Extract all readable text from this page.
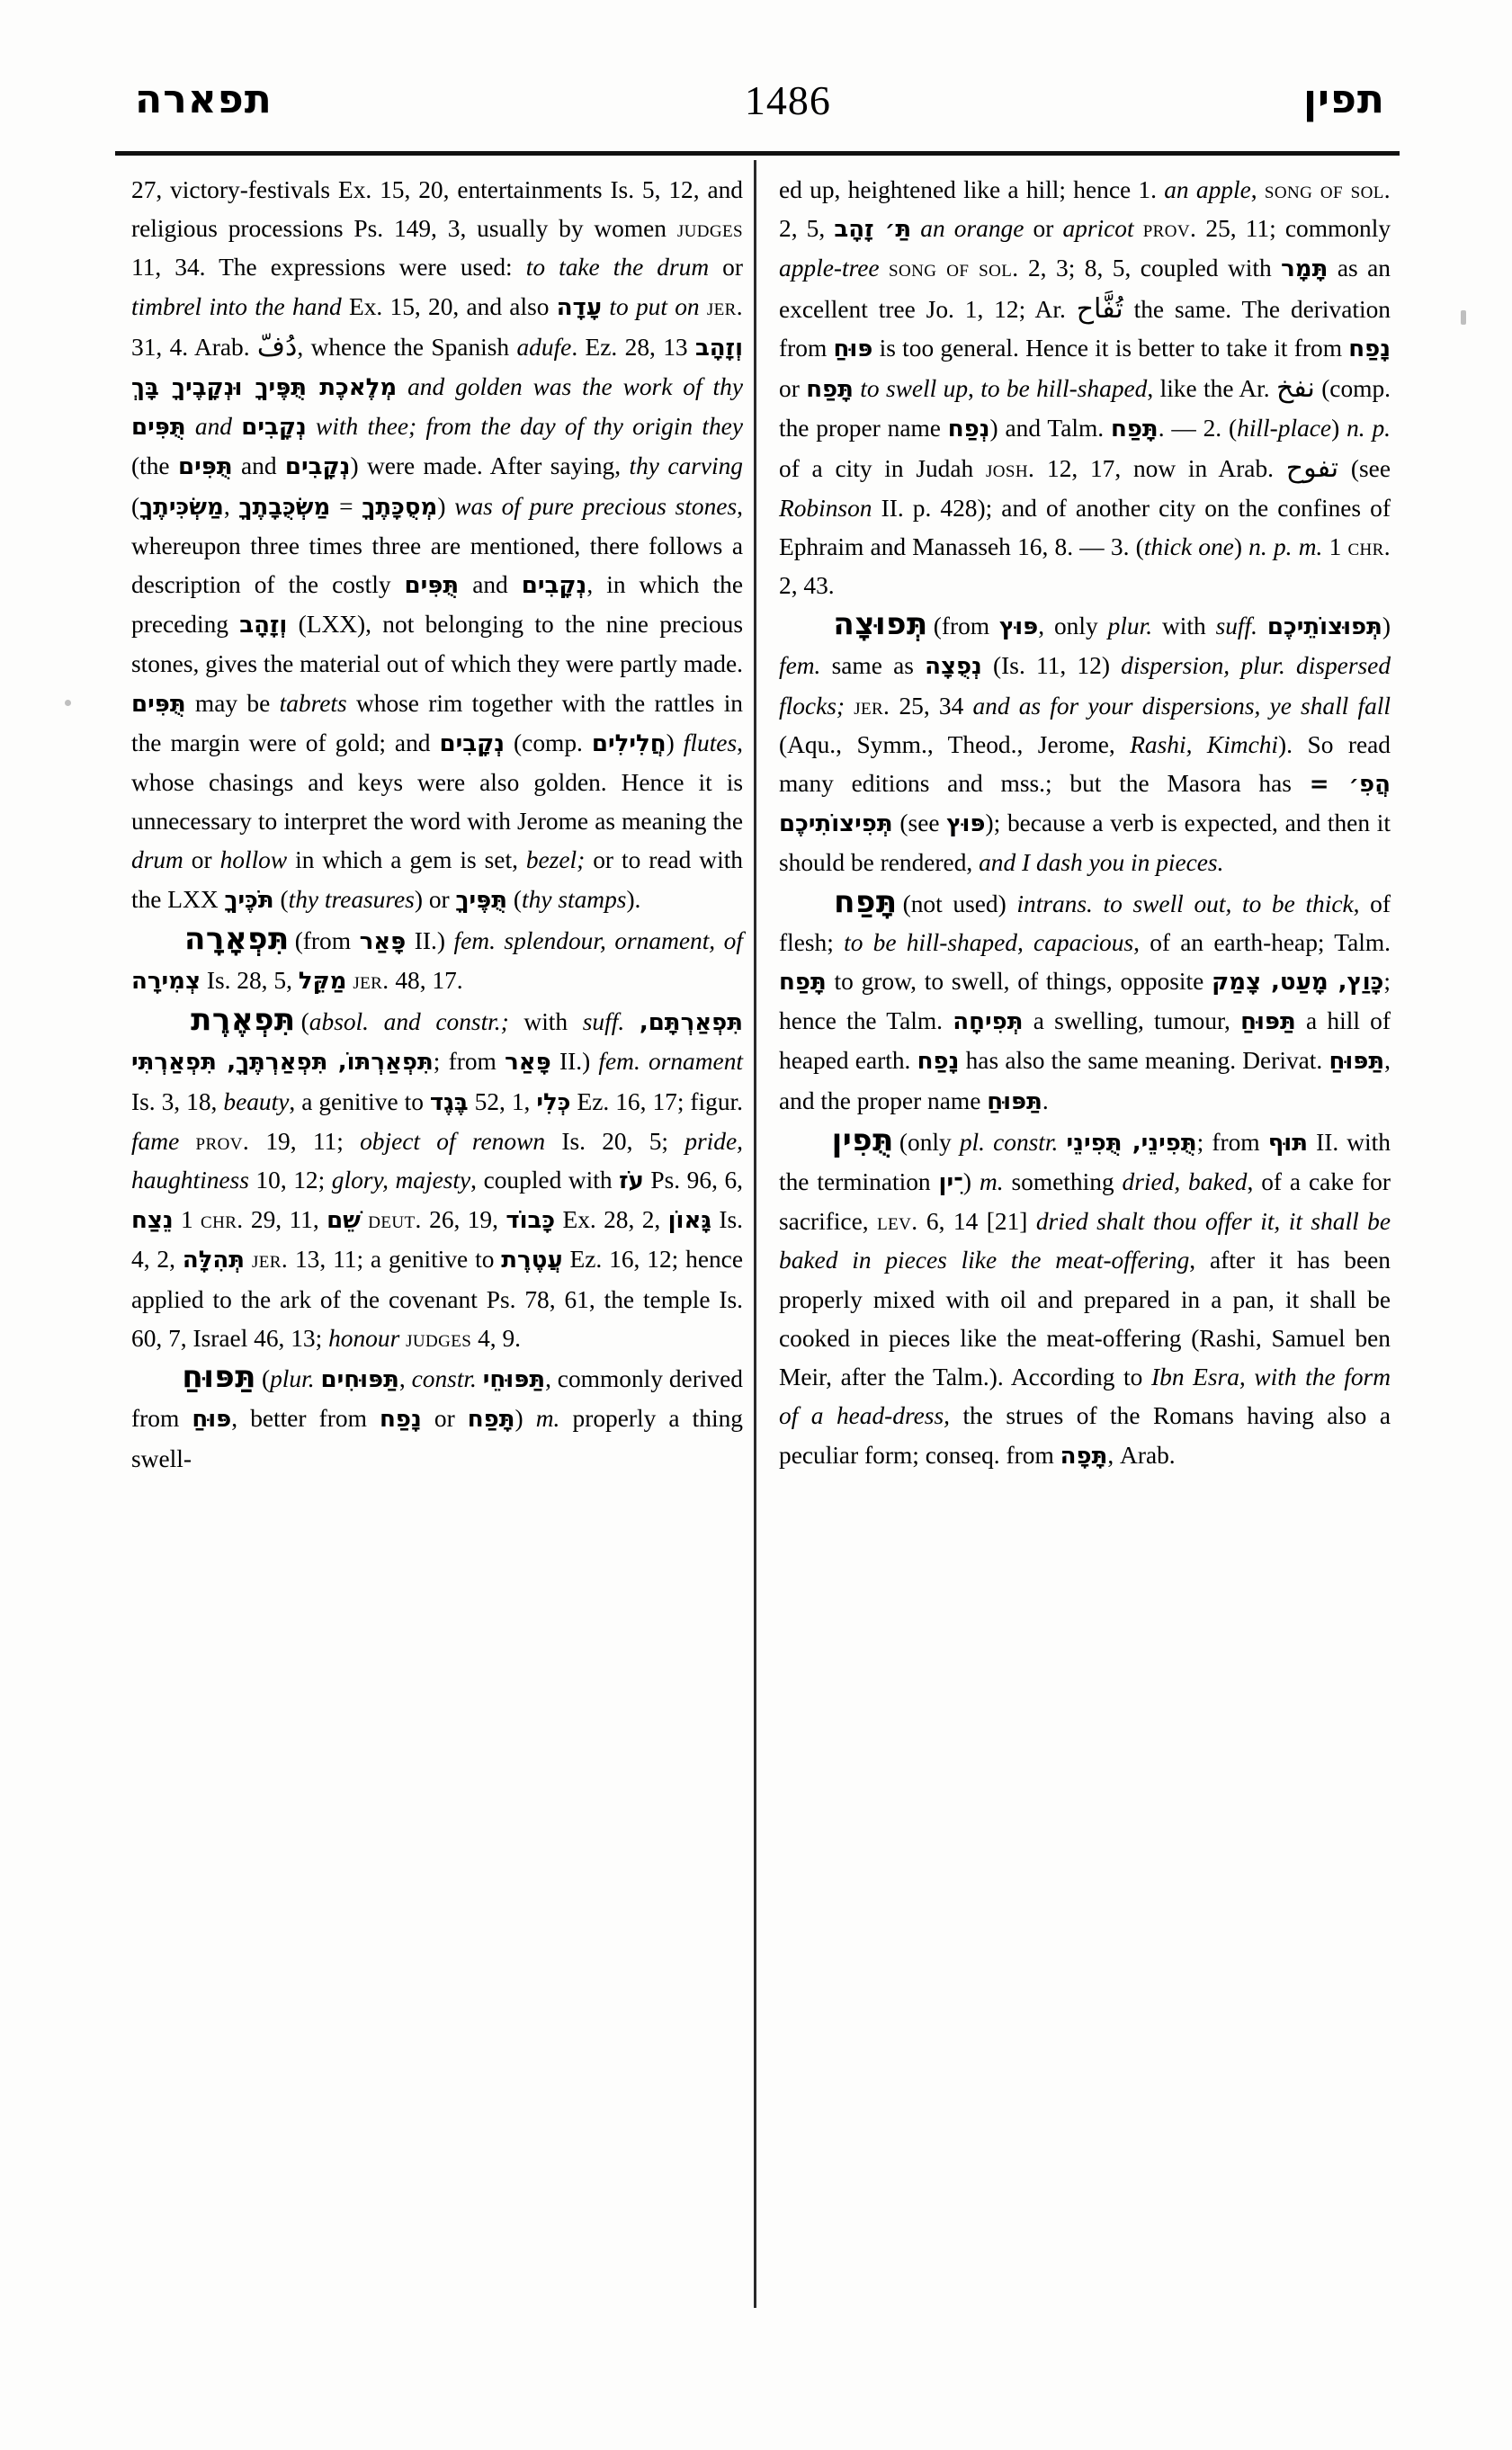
תפארה	1486	תפין

27, victory-festivals Ex. 15, 20, entertainments Is. 5, 12, and religious processions Ps. 149, 3, usually by women judges 11, 34. The expressions were used: to take the drum or timbrel into the hand Ex. 15, 20, and also עָדָה to put on jer. 31, 4. Arab. دُفّ, whence the Spanish adufe. Ez. 28, 13 וְזָהָב מְלֶאכֶת תֻּפֶּיךָ וּנְקָבֶיךָ בָּךְ and golden was the work of thy תֻּפִּים and נְקָבִים with thee; from the day of thy origin they (the תֻּפִּים and נְקָבִים) were made. After saying, thy carving (מַשְׂכִּיתֶךָ, מַשְׂכֻּבָתֶךָ = מְסֻכָּתֶךָ) was of pure precious stones, whereupon three times three are mentioned, there follows a description of the costly תֻּפִּים and נְקָבִים, in which the preceding וְזָהָב (LXX), not belonging to the nine precious stones, gives the material out of which they were partly made. תֻּפִּים may be tabrets whose rim together with the rattles in the margin were of gold; and נְקָבִים (comp. חֲלִילִים) flutes, whose chasings and keys were also golden. Hence it is unnecessary to interpret the word with Jerome as meaning the drum or hollow in which a gem is set, bezel; or to read with the LXX תֹּכֶּיךָ (thy treasures) or תֻּפֶּיךָ (thy stamps).

תִּפְאָרָה (from פָּאַר II.) fem. splendour, ornament, of צְמִירָה Is. 28, 5, מַקֵּל jer. 48, 17.

תִּפְאֶרֶת (absol. and constr.; with suff. תִּפְאַרְתָּם, תִּפְאַרְתּוֹ, תִּפְאַרְתֶּךָ, תִּפְאַרְתִּי; from פָּאַר II.) fem. ornament Is. 3, 18, beauty, a genitive to בֶּגֶד 52, 1, כְּלִי Ez. 16, 17; figur. fame prov. 19, 11; object of renown Is. 20, 5; pride, haughtiness 10, 12; glory, majesty, coupled with עֹז Ps. 96, 6, נֵצַח 1 chr. 29, 11, שֵׁם deut. 26, 19, כָּבוֹד Ex. 28, 2, גָּאוֹן Is. 4, 2, תְּהִלָּה jer. 13, 11; a genitive to עֲטֶרֶת Ez. 16, 12; hence applied to the ark of the covenant Ps. 78, 61, the temple Is. 60, 7, Israel 46, 13; honour judges 4, 9.

תַּפּוּחַ (plur. תַּפּוּחִים, constr. תַּפּוּחֵי, commonly derived from פּוּחַ, better from נָפַח or תָּפַח) m. properly a thing swell-

ed up, heightened like a hill; hence 1. an apple, song of sol. 2, 5, תַּ׳ זָהָב an orange or apricot prov. 25, 11; commonly apple-tree song of sol. 2, 3; 8, 5, coupled with תָּמָר as an excellent tree Jo. 1, 12; Ar. تُفَّاح the same. The derivation from פּוּחַ is too general. Hence it is better to take it from נָפַח or תָּפַח to swell up, to be hill-shaped, like the Ar. نفخ (comp. the proper name נְפַח) and Talm. תָּפַח. — 2. (hill-place) n. p. of a city in Judah josh. 12, 17, now in Arab. تفوح (see Robinson II. p. 428); and of another city on the confines of Ephraim and Manasseh 16, 8. — 3. (thick one) n. p. m. 1 chr. 2, 43.

תְּפוּצָה (from פּוּץ, only plur. with suff. תְּפוּצוֹתֵיכֶם) fem. same as נְפֻצָה (Is. 11, 12) dispersion, plur. dispersed flocks; jer. 25, 34 and as for your dispersions, ye shall fall (Aqu., Symm., Theod., Jerome, Rashi, Kimchi). So read many editions and mss.; but the Masora has הֲפִ׳ = תְּפִיצוֹתִיכֶם (see פּוּץ); because a verb is expected, and then it should be rendered, and I dash you in pieces.

תָּפַח (not used) intrans. to swell out, to be thick, of flesh; to be hill-shaped, capacious, of an earth-heap; Talm. תָּפַח to grow, to swell, of things, opposite כָּוַץ, מָעַט, צָמַק; hence the Talm. תְּפִיחָה a swelling, tumour, תַּפּוּחַ a hill of heaped earth. נָפַח has also the same meaning. Derivat. תַּפּוּחַ, and the proper name תַּפּוּחַ.

תֻּפִין (only pl. constr. תֻּפִינֵי, תֻּפִינֵי; from תּוּף II. with the termination ־ִין) m. something dried, baked, of a cake for sacrifice, lev. 6, 14 [21] dried shalt thou offer it, it shall be baked in pieces like the meat-offering, after it has been properly mixed with oil and prepared in a pan, it shall be cooked in pieces like the meat-offering (Rashi, Samuel ben Meir, after the Talm.). According to Ibn Esra, with the form of a head-dress, the strues of the Romans having also a peculiar form; conseq. from תָּפָה, Arab.
